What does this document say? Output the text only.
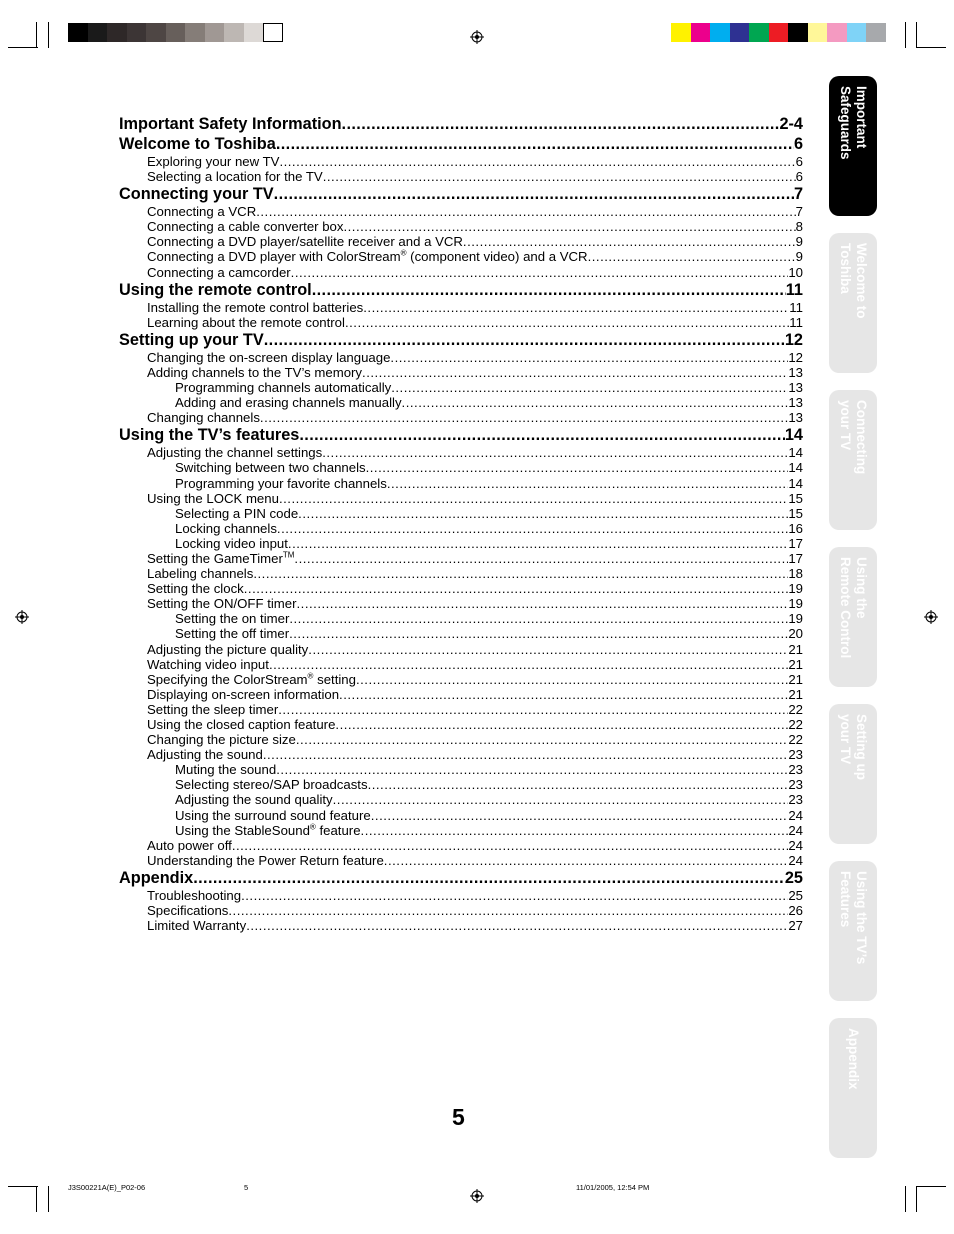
Important Safety Information .....	2-4
Welcome to Toshiba .....	6
Exploring your new TV .....	6
Selecting a location for the TV .....	6
Connecting your TV .....	7
Connecting a VCR .....	7
Connecting a cable converter box .....	8
Connecting a DVD player/satellite receiver and a VCR .....	9
Connecting a DVD player with ColorStream® (component video) and a VCR .....	9
Connecting a camcorder .....	10
Using the remote control .....	11
Installing the remote control batteries .....	11
Learning about the remote control .....	11
Setting up your TV .....	12
Changing the on-screen display language .....	12
Adding channels to the TV’s memory .....	13
Programming channels automatically .....	13
Adding and erasing channels manually .....	13
Changing channels .....	13
Using the TV’s features .....	14
Adjusting the channel settings .....	14
Switching between two channels .....	14
Programming your favorite channels .....	14
Using the LOCK menu .....	15
Selecting a PIN code .....	15
Locking channels .....	16
Locking video input .....	17
Setting the GameTimer™ .....	17
Labeling channels .....	18
Setting the clock .....	19
Setting the ON/OFF timer .....	19
Setting the on timer .....	19
Setting the off timer .....	20
Adjusting the picture quality .....	21
Watching video input .....	21
Specifying the ColorStream® setting .....	21
Displaying on-screen information .....	21
Setting the sleep timer .....	22
Using the closed caption feature .....	22
Changing the picture size .....	22
Adjusting the sound .....	23
Muting the sound .....	23
Selecting stereo/SAP broadcasts .....	23
Adjusting the sound quality .....	23
Using the surround sound feature .....	24
Using the StableSound® feature .....	24
Auto power off .....	24
Understanding the Power Return feature .....	24
Appendix .....	25
Troubleshooting .....	25
Specifications .....	26
Limited Warranty .....	27
Important
Safeguards
Welcome to
Toshiba
Connecting
your TV
Using the
Remote Control
Setting up
your TV
Using the TV’s
Features
Appendix
5
J3S00221A(E)_P02-06	5	11/01/2005, 12:54 PM
